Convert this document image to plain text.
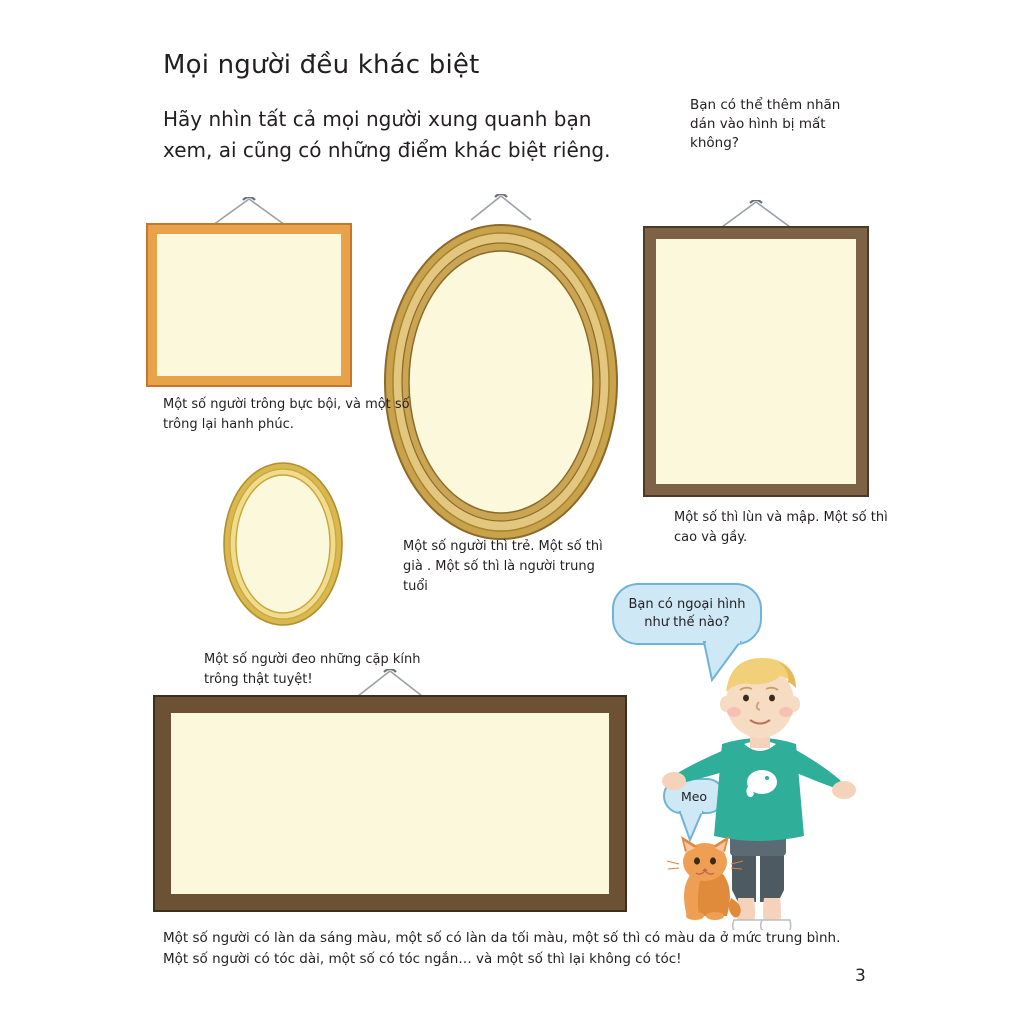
Mọi người đều khác biệt
Hãy nhìn tất cả mọi người xung quanh bạn xem, ai cũng có những điểm khác biệt riêng.
Bạn có thể thêm nhãn dán vào hình bị mất không?
Một số người trông bực bội, và một số trông lại hanh phúc.
Một số người thì trẻ. Một số thì già . Một số thì là người trung tuổi
Một số thì lùn và mập. Một số thì cao và gầy.
Một số người đeo những cặp kính trông thật tuyệt!
Một số người có làn da sáng màu, một số có làn da tối màu, một số thì có màu da ở mức trung bình. Một số người có tóc dài, một số có tóc ngắn… và một số thì lại không có tóc!
Bạn có ngoại hình như thế nào?
Meo
3
